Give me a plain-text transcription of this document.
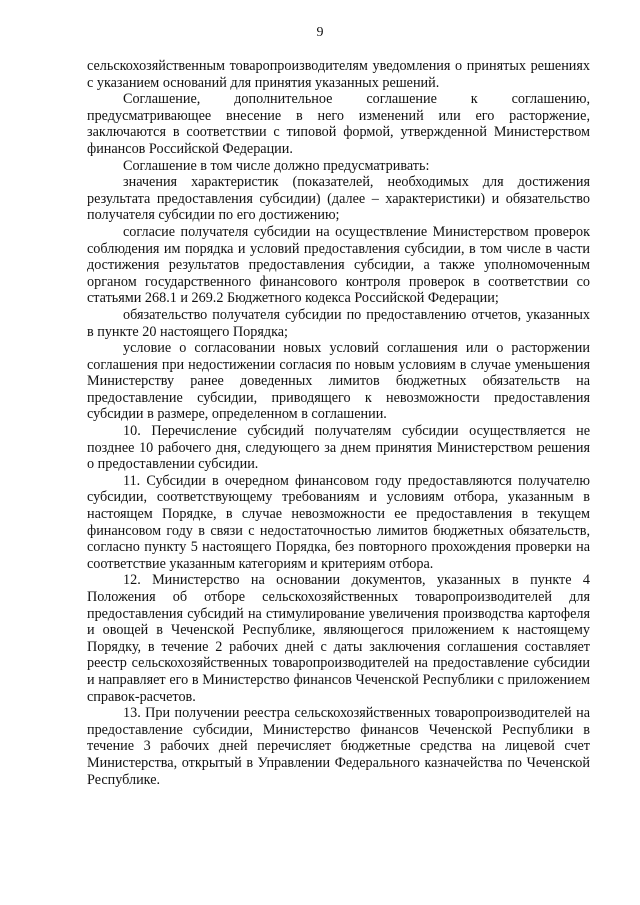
9

сельскохозяйственным товаропроизводителям уведомления о принятых решениях с указанием оснований для принятия указанных решений.

Соглашение, дополнительное соглашение к соглашению, предусматривающее внесение в него изменений или его расторжение, заключаются в соответствии с типовой формой, утвержденной Министерством финансов Российской Федерации.

Соглашение в том числе должно предусматривать:

значения характеристик (показателей, необходимых для достижения результата предоставления субсидии) (далее – характеристики) и обязательство получателя субсидии по его достижению;

согласие получателя субсидии на осуществление Министерством проверок соблюдения им порядка и условий предоставления субсидии, в том числе в части достижения результатов предоставления субсидии, а также уполномоченным органом государственного финансового контроля проверок в соответствии со статьями 268.1 и 269.2 Бюджетного кодекса Российской Федерации;

обязательство получателя субсидии по предоставлению отчетов, указанных в пункте 20 настоящего Порядка;

условие о согласовании новых условий соглашения или о расторжении соглашения при недостижении согласия по новым условиям в случае уменьшения Министерству ранее доведенных лимитов бюджетных обязательств на предоставление субсидии, приводящего к невозможности предоставления субсидии в размере, определенном в соглашении.

10. Перечисление субсидий получателям субсидии осуществляется не позднее 10 рабочего дня, следующего за днем принятия Министерством решения о предоставлении субсидии.

11. Субсидии в очередном финансовом году предоставляются получателю субсидии, соответствующему требованиям и условиям отбора, указанным в настоящем Порядке, в случае невозможности ее предоставления в текущем финансовом году в связи с недостаточностью лимитов бюджетных обязательств, согласно пункту 5 настоящего Порядка, без повторного прохождения проверки на соответствие указанным категориям и критериям отбора.

12. Министерство на основании документов, указанных в пункте 4 Положения об отборе сельскохозяйственных товаропроизводителей для предоставления субсидий на стимулирование увеличения производства картофеля и овощей в Чеченской Республике, являющегося приложением к настоящему Порядку, в течение 2 рабочих дней с даты заключения соглашения составляет реестр сельскохозяйственных товаропроизводителей на предоставление субсидии и направляет его в Министерство финансов Чеченской Республики с приложением справок-расчетов.

13. При получении реестра сельскохозяйственных товаропроизводителей на предоставление субсидии, Министерство финансов Чеченской Республики в течение 3 рабочих дней перечисляет бюджетные средства на лицевой счет Министерства, открытый в Управлении Федерального казначейства по Чеченской Республике.
